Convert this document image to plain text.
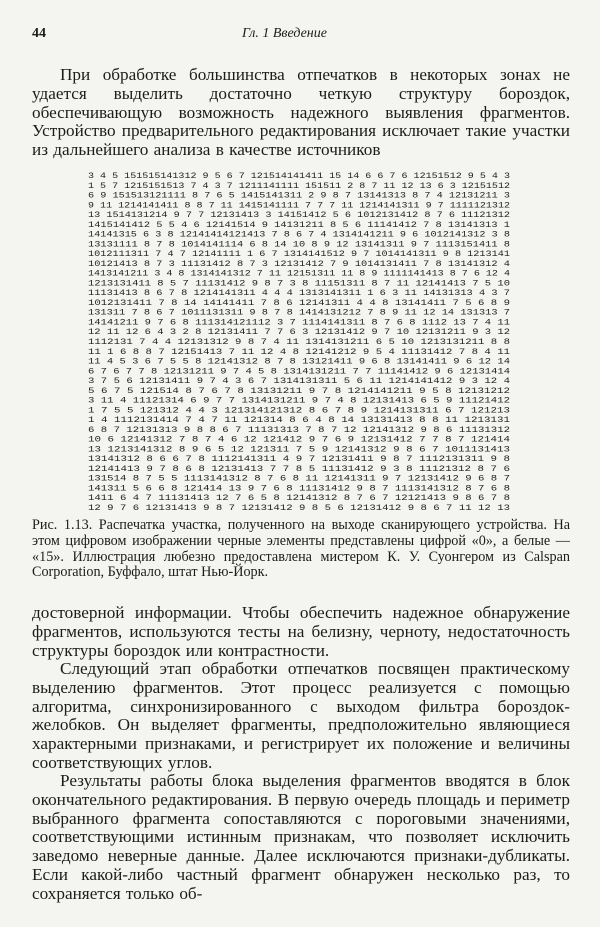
44	Гл. 1 Введение

При обработке большинства отпечатков в некоторых зонах не удается выделить достаточно четкую структуру бороздок, обеспечивающую возможность надежного выявления фрагментов. Устройство предварительного редактирования исключает такие участки из дальнейшего анализа в качестве источников

3 4 5 151515141312 9 5 6 7 121514141411 15 14 6 6 7 6 12151512 9 5 4 3
1 5 7 1215151513 7 4 3 7 1211141111 151511 2 8 7 11 12 13 6 3 12151512
6 9 151513121111 8 7 6 5 1415141311 2 9 8 7 13141313 8 7 4 12131211 3
9 11 1214141411 8 8 7 11 1415141111 7 7 7 11 1214141311 9 7 1111121312
13 1514131214 9 7 7 12131413 3 14151412 5 6 1012131412 8 7 6 11121312
1415141412 5 5 4 6 12141514 9 14131211 8 5 6 11141412 7 8 13141313 1
14141315 6 3 8 12141414121413 7 8 6 7 4 1314141211 9 6 1012141312 3 8
13131111 8 7 8 1014141114 6 8 14 10 8 9 12 13141311 9 7 1113151411 8
1012111311 7 4 7 12141111 1 6 7 1314141512 9 7 1014141311 9 8 1213141
10121413 8 7 3 11131412 8 7 3 12131412 7 9 1014131411 7 8 13141312 4
1413141211 3 4 8 1314141312 7 11 12151311 11 8 9 1111141413 8 7 6 12 4
1213131411 8 5 7 11131412 9 8 7 3 8 11151311 8 7 11 12141413 7 5 10
11131413 8 6 7 8 1214141311 4 4 4 1313141311 1 6 3 11 14131313 4 3 7
1012131411 7 8 14 14141411 7 8 6 12141311 4 4 8 13141411 7 5 6 8 9
131311 7 8 6 7 1011131311 9 8 7 8 1414131212 7 8 9 11 12 14 131313 7
14141211 9 7 6 8 111314121112 3 7 1114141311 8 7 6 8 1112 13 7 4 11
12 11 12 6 4 3 2 8 12131411 7 7 6 3 12131412 9 7 10 12131211 9 3 12
1112131 7 4 4 12131312 9 8 7 4 11 1314131211 6 5 10 1213131211 8 8
11 1 6 8 8 7 12151413 7 11 12 4 8 12141212 9 5 4 11131412 7 8 4 11
11 4 5 3 6 7 5 5 8 12141312 8 7 8 13121411 9 6 8 13141411 9 6 12 14
6 7 6 7 7 8 12131211 9 7 4 5 8 1314131211 7 7 11141412 9 6 12131414
3 7 5 6 12131411 9 7 4 3 6 7 1314131311 5 6 11 1214141412 9 3 12 4
5 6 7 5 121514 8 7 6 7 8 13131211 9 7 8 1214141211 9 5 8 12131212
3 11 4 11121314 6 9 7 7 1314131211 9 7 4 8 12131413 6 5 9 11121412
1 7 5 5 121312 4 4 3 121314121312 8 6 7 8 9 1214131311 6 7 121213
1 4 1112131414 7 4 7 11 121314 8 6 4 8 14 13131413 8 8 11 1213131
6 8 7 12131313 9 8 8 6 7 11131313 7 8 7 12 12141312 9 8 6 11131312
10 6 12141312 7 8 7 4 6 12 121412 9 7 6 9 12131412 7 7 8 7 121414
13 1213141312 8 9 6 5 12 121311 7 5 9 12141312 9 8 6 7 1011131413
13141312 8 6 6 7 8 1112141311 4 9 7 12131411 9 8 7 1112131311 9 8
12141413 9 7 8 6 8 12131413 7 7 8 5 11131412 9 3 8 11121312 8 7 6
131514 8 7 5 5 1113141312 8 7 6 8 11 12141311 9 7 12131412 9 6 8 7
141311 5 6 6 8 121414 13 9 7 6 8 11131412 9 8 7 1113141312 8 7 6 8
1411 6 4 7 11131413 12 7 6 5 8 12141312 8 7 6 7 12121413 9 8 6 7 8
12 9 7 6 12131413 9 8 7 12131412 9 8 5 6 12131412 9 8 6 7 11 12 13

Рис. 1.13. Распечатка участка, полученного на выходе сканирующего устройства. На этом цифровом изображении черные элементы представлены цифрой «0», а белые — «15». Иллюстрация любезно предоставлена мистером К. У. Суонгером из Calspan Corporation, Буффало, штат Нью-Йорк.

достоверной информации. Чтобы обеспечить надежное обнаружение фрагментов, используются тесты на белизну, черноту, недостаточность структуры бороздок или контрастности.

Следующий этап обработки отпечатков посвящен практическому выделению фрагментов. Этот процесс реализуется с помощью алгоритма, синхронизированного с выходом фильтра бороздок-желобков. Он выделяет фрагменты, предположительно являющиеся характерными признаками, и регистрирует их положение и величины соответствующих углов.

Результаты работы блока выделения фрагментов вводятся в блок окончательного редактирования. В первую очередь площадь и периметр выбранного фрагмента сопоставляются с пороговыми значениями, соответствующими истинным признакам, что позволяет исключить заведомо неверные данные. Далее исключаются признаки-дубликаты. Если какой-либо частный фрагмент обнаружен несколько раз, то сохраняется только об-
